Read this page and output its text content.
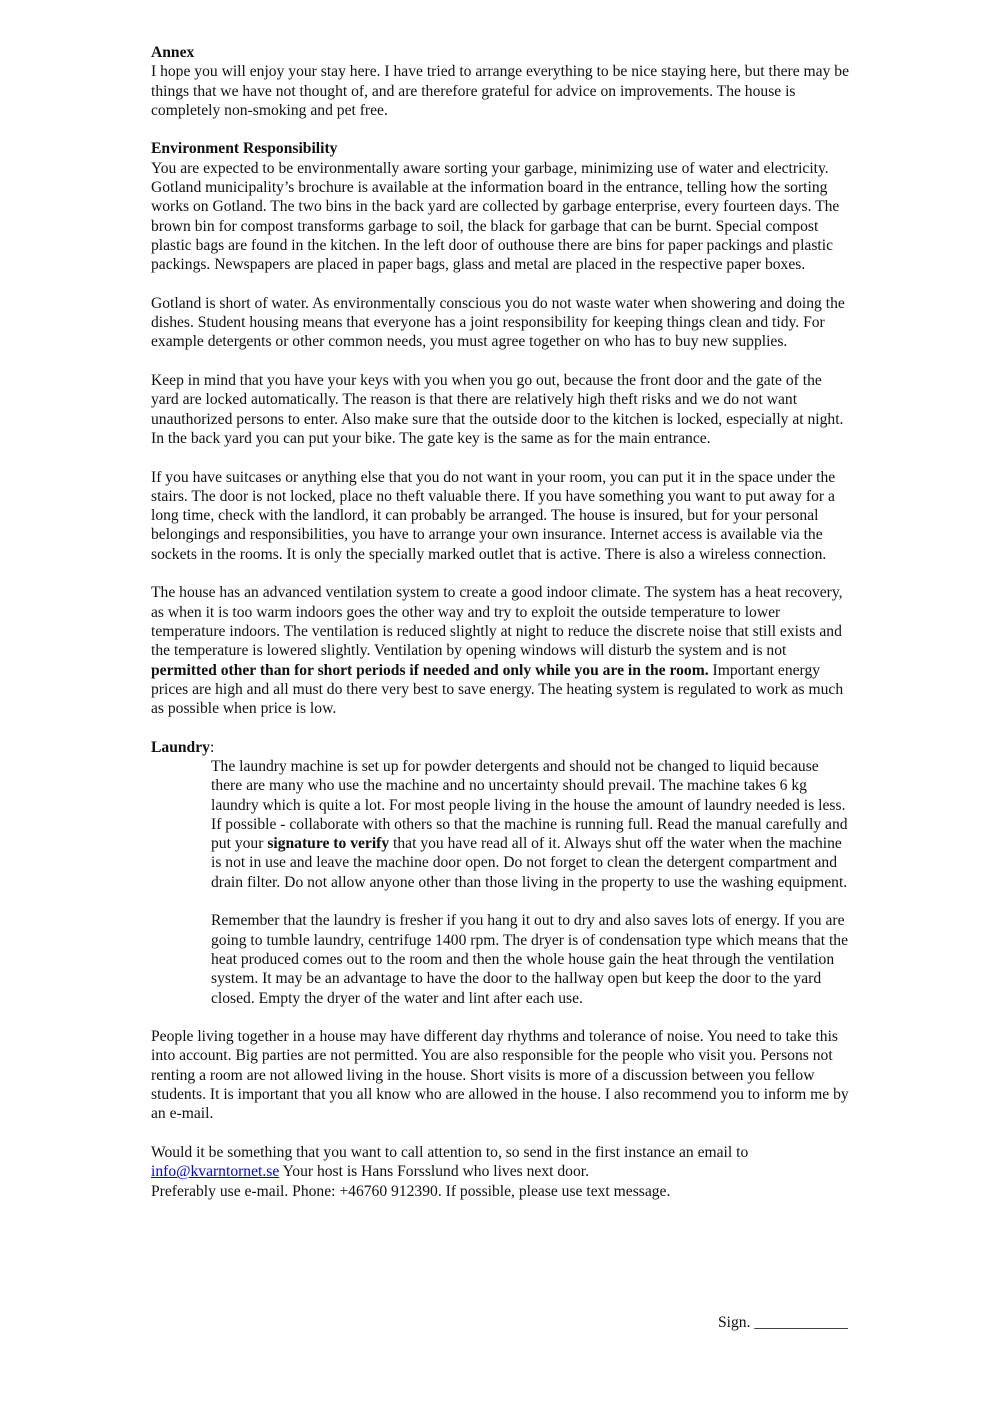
Annex

I hope you will enjoy your stay here. I have tried to arrange everything to be nice staying here, but there may be things that we have not thought of, and are therefore grateful for advice on improvements. The house is completely non-smoking and pet free.

Environment Responsibility

You are expected to be environmentally aware sorting your garbage, minimizing use of water and electricity. Gotland municipality’s brochure is available at the information board in the entrance, telling how the sorting works on Gotland. The two bins in the back yard are collected by garbage enterprise, every fourteen days. The brown bin for compost transforms garbage to soil, the black for garbage that can be burnt. Special compost plastic bags are found in the kitchen. In the left door of outhouse there are bins for paper packings and plastic packings. Newspapers are placed in paper bags, glass and metal are placed in the respective paper boxes.

Gotland is short of water. As environmentally conscious you do not waste water when showering and doing the dishes. Student housing means that everyone has a joint responsibility for keeping things clean and tidy. For example detergents or other common needs, you must agree together on who has to buy new supplies.

Keep in mind that you have your keys with you when you go out, because the front door and the gate of the yard are locked automatically. The reason is that there are relatively high theft risks and we do not want unauthorized persons to enter. Also make sure that the outside door to the kitchen is locked, especially at night. In the back yard you can put your bike. The gate key is the same as for the main entrance.

If you have suitcases or anything else that you do not want in your room, you can put it in the space under the stairs. The door is not locked, place no theft valuable there. If you have something you want to put away for a long time, check with the landlord, it can probably be arranged. The house is insured, but for your personal belongings and responsibilities, you have to arrange your own insurance. Internet access is available via the sockets in the rooms. It is only the specially marked outlet that is active. There is also a wireless connection.

The house has an advanced ventilation system to create a good indoor climate. The system has a heat recovery, as when it is too warm indoors goes the other way and try to exploit the outside temperature to lower temperature indoors. The ventilation is reduced slightly at night to reduce the discrete noise that still exists and the temperature is lowered slightly. Ventilation by opening windows will disturb the system and is not permitted other than for short periods if needed and only while you are in the room. Important energy prices are high and all must do there very best to save energy. The heating system is regulated to work as much as possible when price is low.

Laundry:

The laundry machine is set up for powder detergents and should not be changed to liquid because there are many who use the machine and no uncertainty should prevail. The machine takes 6 kg laundry which is quite a lot. For most people living in the house the amount of laundry needed is less. If possible - collaborate with others so that the machine is running full. Read the manual carefully and put your signature to verify that you have read all of it. Always shut off the water when the machine is not in use and leave the machine door open. Do not forget to clean the detergent compartment and drain filter. Do not allow anyone other than those living in the property to use the washing equipment.

Remember that the laundry is fresher if you hang it out to dry and also saves lots of energy. If you are going to tumble laundry, centrifuge 1400 rpm. The dryer is of condensation type which means that the heat produced comes out to the room and then the whole house gain the heat through the ventilation system. It may be an advantage to have the door to the hallway open but keep the door to the yard closed. Empty the dryer of the water and lint after each use.

People living together in a house may have different day rhythms and tolerance of noise. You need to take this into account. Big parties are not permitted. You are also responsible for the people who visit you. Persons not renting a room are not allowed living in the house. Short visits is more of a discussion between you fellow students. It is important that you all know who are allowed in the house. I also recommend you to inform me by an e-mail.

Would it be something that you want to call attention to, so send in the first instance an email to
info@kvarntornet.se Your host is Hans Forsslund who lives next door.
Preferably use e-mail. Phone: +46760 912390. If possible, please use text message.
Sign. ____________
